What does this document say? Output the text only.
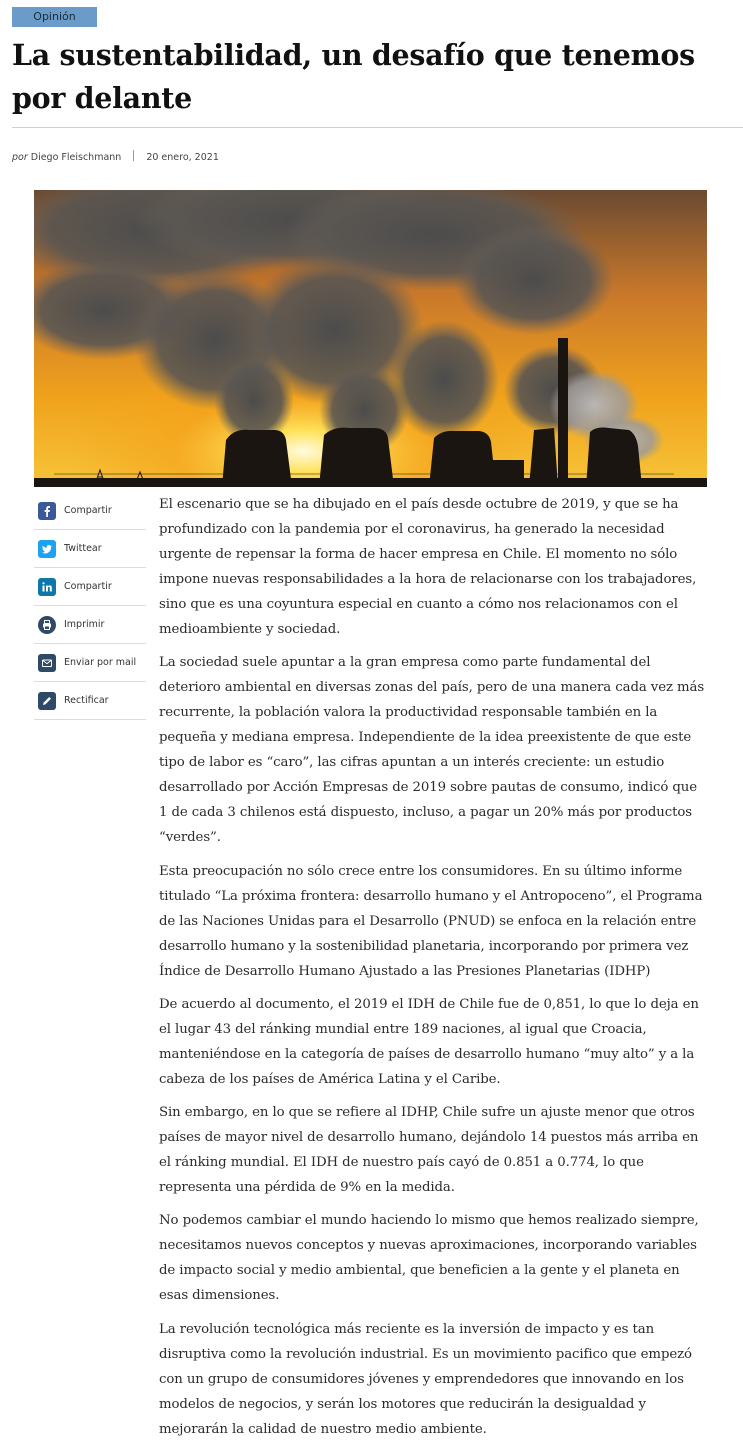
Opinión
La sustentabilidad, un desafío que tenemos por delante
por Diego Fleischmann	20 enero, 2021
Compartir
Twittear
Compartir
Imprimir
Enviar por mail
Rectificar

El escenario que se ha dibujado en el país desde octubre de 2019, y que se ha profundizado con la pandemia por el coronavirus, ha generado la necesidad urgente de repensar la forma de hacer empresa en Chile. El momento no sólo impone nuevas responsabilidades a la hora de relacionarse con los trabajadores, sino que es una coyuntura especial en cuanto a cómo nos relacionamos con el medioambiente y sociedad.

La sociedad suele apuntar a la gran empresa como parte fundamental del deterioro ambiental en diversas zonas del país, pero de una manera cada vez más recurrente, la población valora la productividad responsable también en la pequeña y mediana empresa. Independiente de la idea preexistente de que este tipo de labor es “caro”, las cifras apuntan a un interés creciente: un estudio desarrollado por Acción Empresas de 2019 sobre pautas de consumo, indicó que 1 de cada 3 chilenos está dispuesto, incluso, a pagar un 20% más por productos “verdes”.

Esta preocupación no sólo crece entre los consumidores. En su último informe titulado “La próxima frontera: desarrollo humano y el Antropoceno”, el Programa de las Naciones Unidas para el Desarrollo (PNUD) se enfoca en la relación entre desarrollo humano y la sostenibilidad planetaria, incorporando por primera vez Índice de Desarrollo Humano Ajustado a las Presiones Planetarias (IDHP)

De acuerdo al documento, el 2019 el IDH de Chile fue de 0,851, lo que lo deja en el lugar 43 del ránking mundial entre 189 naciones, al igual que Croacia, manteniéndose en la categoría de países de desarrollo humano “muy alto” y a la cabeza de los países de América Latina y el Caribe.

Sin embargo, en lo que se refiere al IDHP, Chile sufre un ajuste menor que otros países de mayor nivel de desarrollo humano, dejándolo 14 puestos más arriba en el ránking mundial. El IDH de nuestro país cayó de 0.851 a 0.774, lo que representa una pérdida de 9% en la medida.

No podemos cambiar el mundo haciendo lo mismo que hemos realizado siempre, necesitamos nuevos conceptos y nuevas aproximaciones, incorporando variables de impacto social y medio ambiental, que beneficien a la gente y el planeta en esas dimensiones.

La revolución tecnológica más reciente es la inversión de impacto y es tan disruptiva como la revolución industrial. Es un movimiento pacifico que empezó con un grupo de consumidores jóvenes y emprendedores que innovando en los modelos de negocios, y serán los motores que reducirán la desigualdad y mejorarán la calidad de nuestro medio ambiente.
